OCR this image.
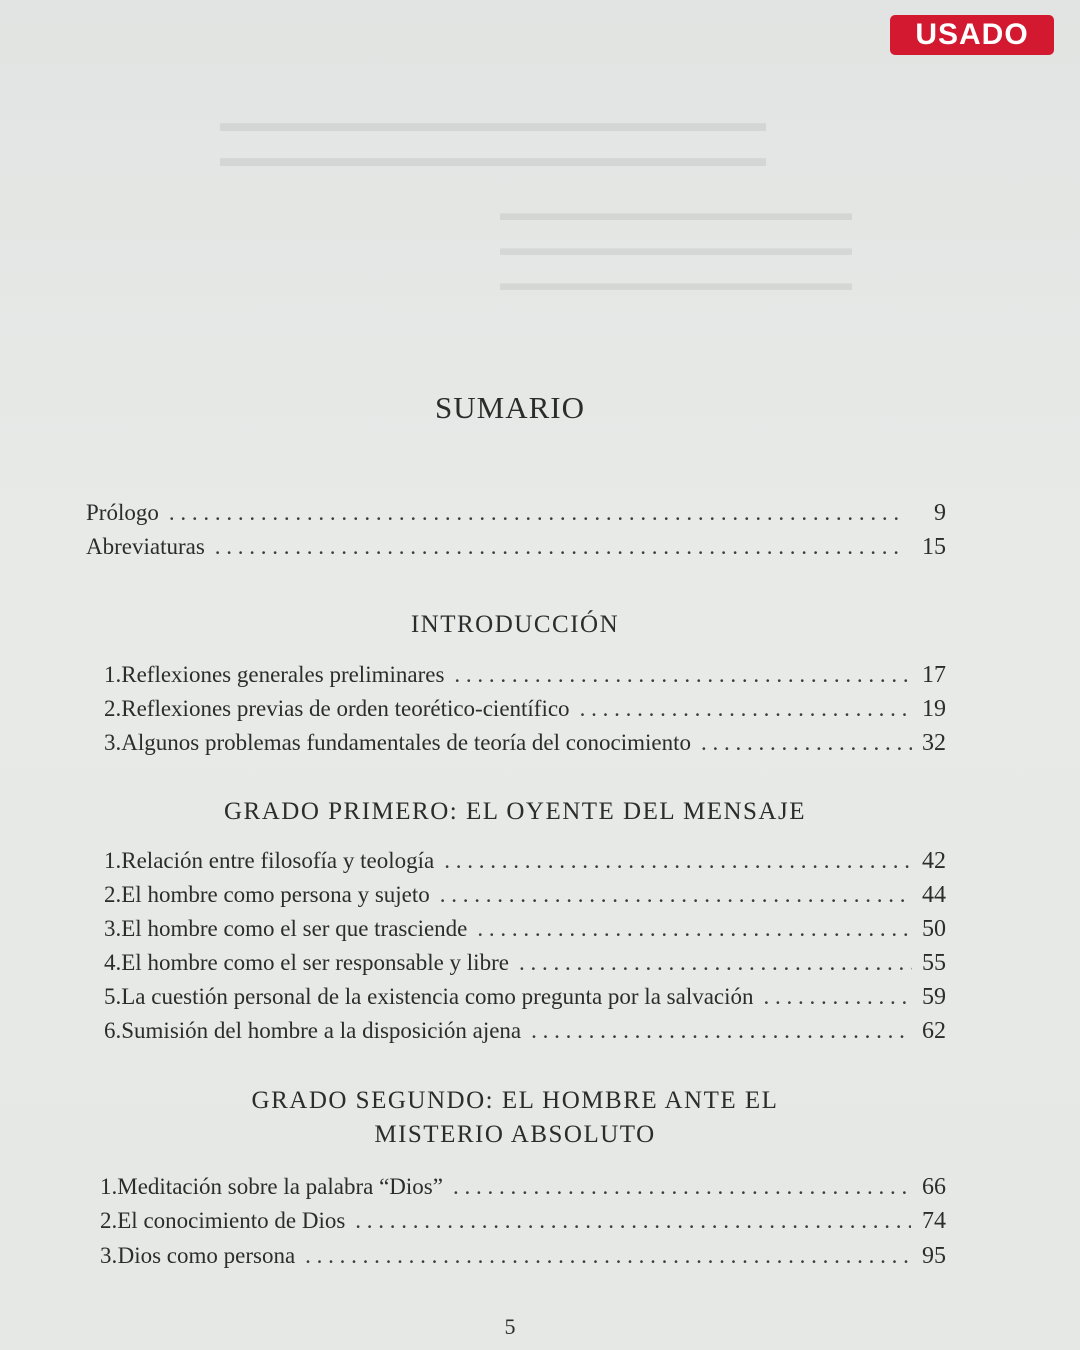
▬▬▬▬▬▬▬▬▬▬▬▬▬▬▬▬▬▬▬▬▬
▬▬▬▬▬▬▬▬▬▬▬▬▬▬▬▬▬▬▬▬▬
▬▬▬▬▬▬▬▬▬▬▬▬▬▬▬▬
▬▬▬▬▬▬▬▬▬▬▬▬▬▬▬▬
▬▬▬▬▬▬▬▬▬▬▬▬▬▬▬▬
USADO
SUMARIO
Prólogo . . .	9
Abreviaturas . . .	15
INTRODUCCIÓN
1. Reflexiones generales preliminares . . .	17
2. Reflexiones previas de orden teorético-científico . . .	19
3. Algunos problemas fundamentales de teoría del conocimiento . . .	32
GRADO PRIMERO: EL OYENTE DEL MENSAJE
1. Relación entre filosofía y teología . . .	42
2. El hombre como persona y sujeto . . .	44
3. El hombre como el ser que trasciende . . .	50
4. El hombre como el ser responsable y libre . . .	55
5. La cuestión personal de la existencia como pregunta por la salvación . . .	59
6. Sumisión del hombre a la disposición ajena . . .	62
GRADO SEGUNDO: EL HOMBRE ANTE EL
MISTERIO ABSOLUTO
1. Meditación sobre la palabra “Dios” . . .	66
2. El conocimiento de Dios . . .	74
3. Dios como persona . . .	95
5
